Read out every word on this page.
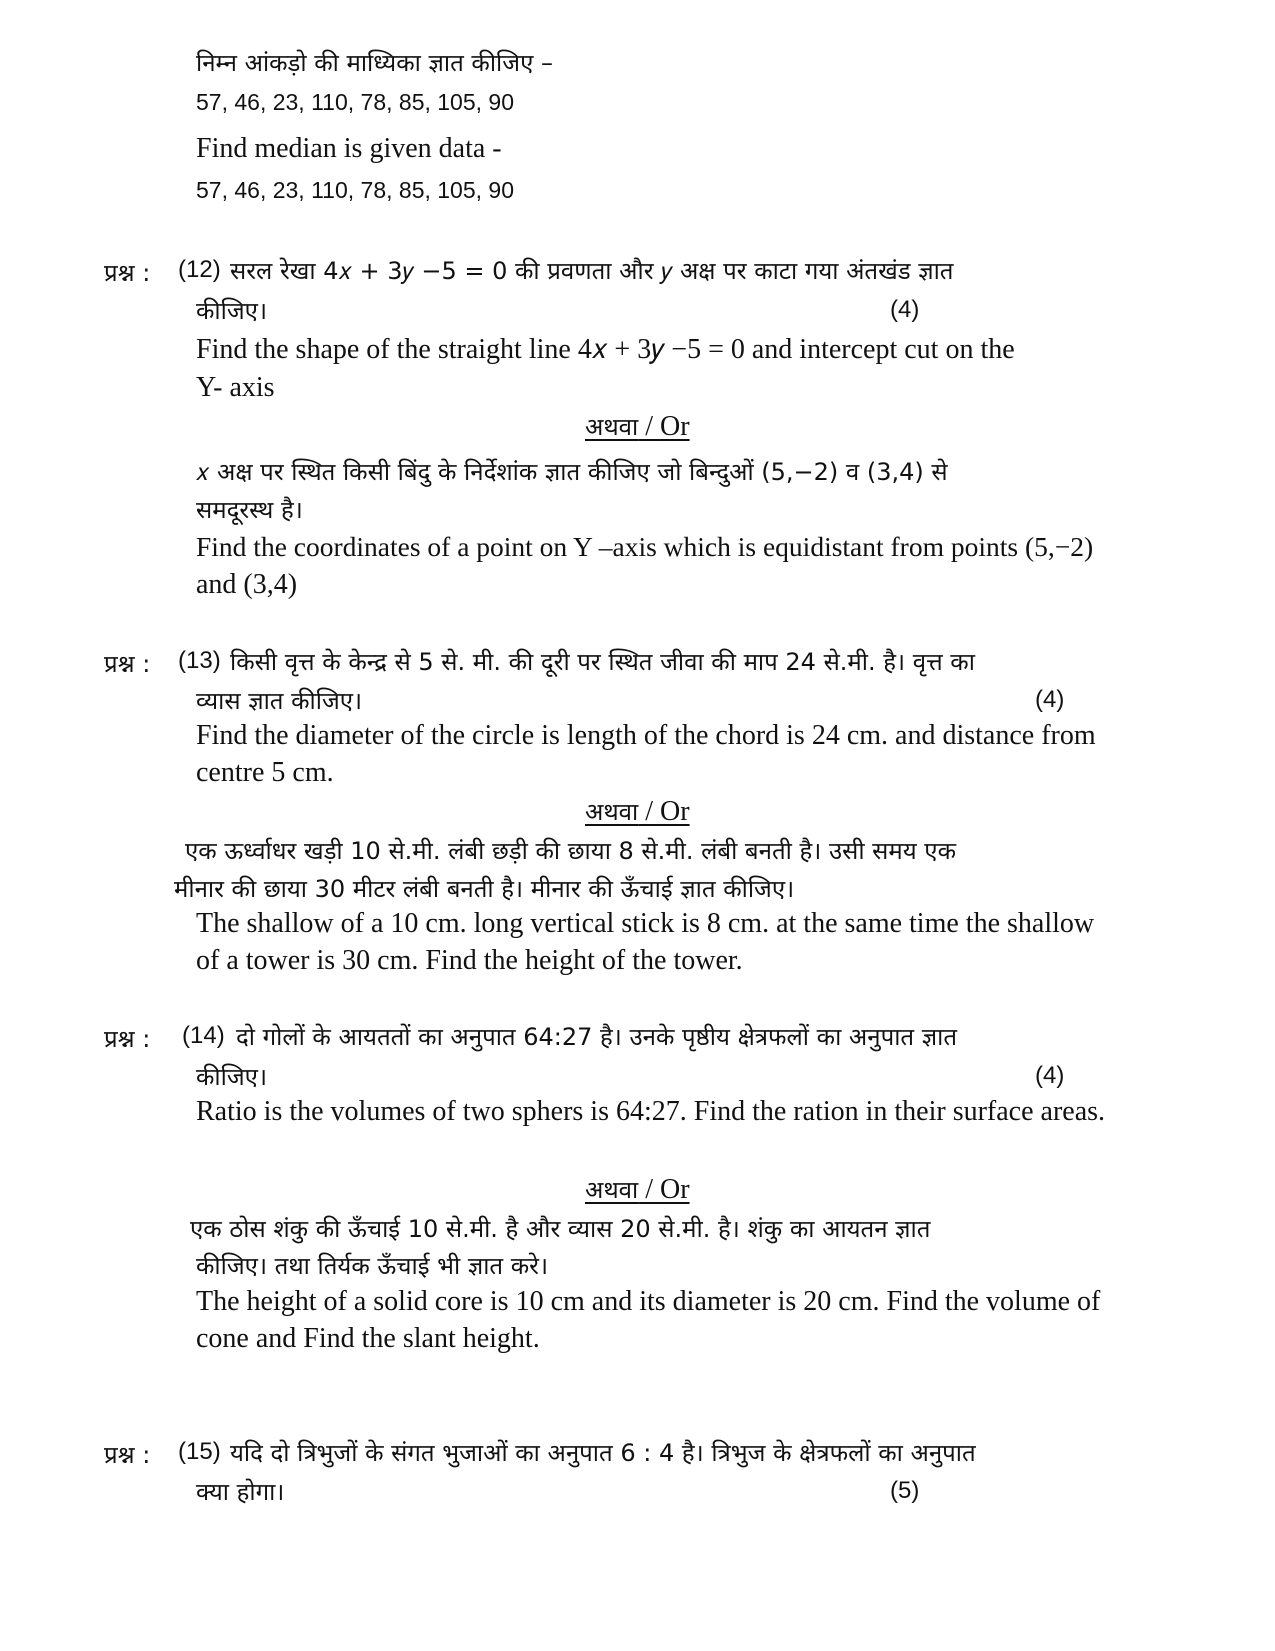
निम्न आंकड़ो की माध्यिका ज्ञात कीजिए –

57, 46, 23, 110, 78, 85, 105, 90

Find median is given data -

57, 46, 23, 110, 78, 85, 105, 90

प्रश्न : (12) सरल रेखा 4𝑥 + 3𝑦 −5 = 0 की प्रवणता और 𝑦 अक्ष पर काटा गया अंतखंड ज्ञात

कीजिए।	(4)

Find the shape of the straight line 4𝑥 + 3𝑦 −5 = 0 and intercept cut on the

Y- axis

अथवा / Or

𝑥 अक्ष पर स्थित किसी बिंदु के निर्देशांक ज्ञात कीजिए जो बिन्दुओं (5,−2) व (3,4) से

समदूरस्थ है।

Find the coordinates of a point on Y –axis which is equidistant from points (5,−2)

and (3,4)

प्रश्न : (13) किसी वृत्त के केन्द्र से 5 से. मी. की दूरी पर स्थित जीवा की माप 24 से.मी. है। वृत्त का

व्यास ज्ञात कीजिए।	(4)

Find the diameter of the circle is length of the chord is 24 cm. and distance from

centre 5 cm.

अथवा / Or

एक ऊर्ध्वाधर खड़ी 10 से.मी. लंबी छड़ी की छाया 8 से.मी. लंबी बनती है। उसी समय एक

मीनार की छाया 30 मीटर लंबी बनती है। मीनार की ऊँचाई ज्ञात कीजिए।

The shallow of a 10 cm. long vertical stick is 8 cm. at the same time the shallow

of a tower is 30 cm. Find the height of the tower.

प्रश्न : (14) दो गोलों के आयततों का अनुपात 64:27 है। उनके पृष्ठीय क्षेत्रफलों का अनुपात ज्ञात

कीजिए।	(4)

Ratio is the volumes of two sphers is 64:27. Find the ration in their surface areas.

अथवा / Or

एक ठोस शंकु की ऊँचाई 10 से.मी. है और व्यास 20 से.मी. है। शंकु का आयतन ज्ञात

कीजिए। तथा तिर्यक ऊँचाई भी ज्ञात करे।

The height of a solid core is 10 cm and its diameter is 20 cm. Find the volume of

cone and Find the slant height.

प्रश्न : (15) यदि दो त्रिभुजों के संगत भुजाओं का अनुपात 6 : 4 है। त्रिभुज के क्षेत्रफलों का अनुपात

क्या होगा।	(5)
